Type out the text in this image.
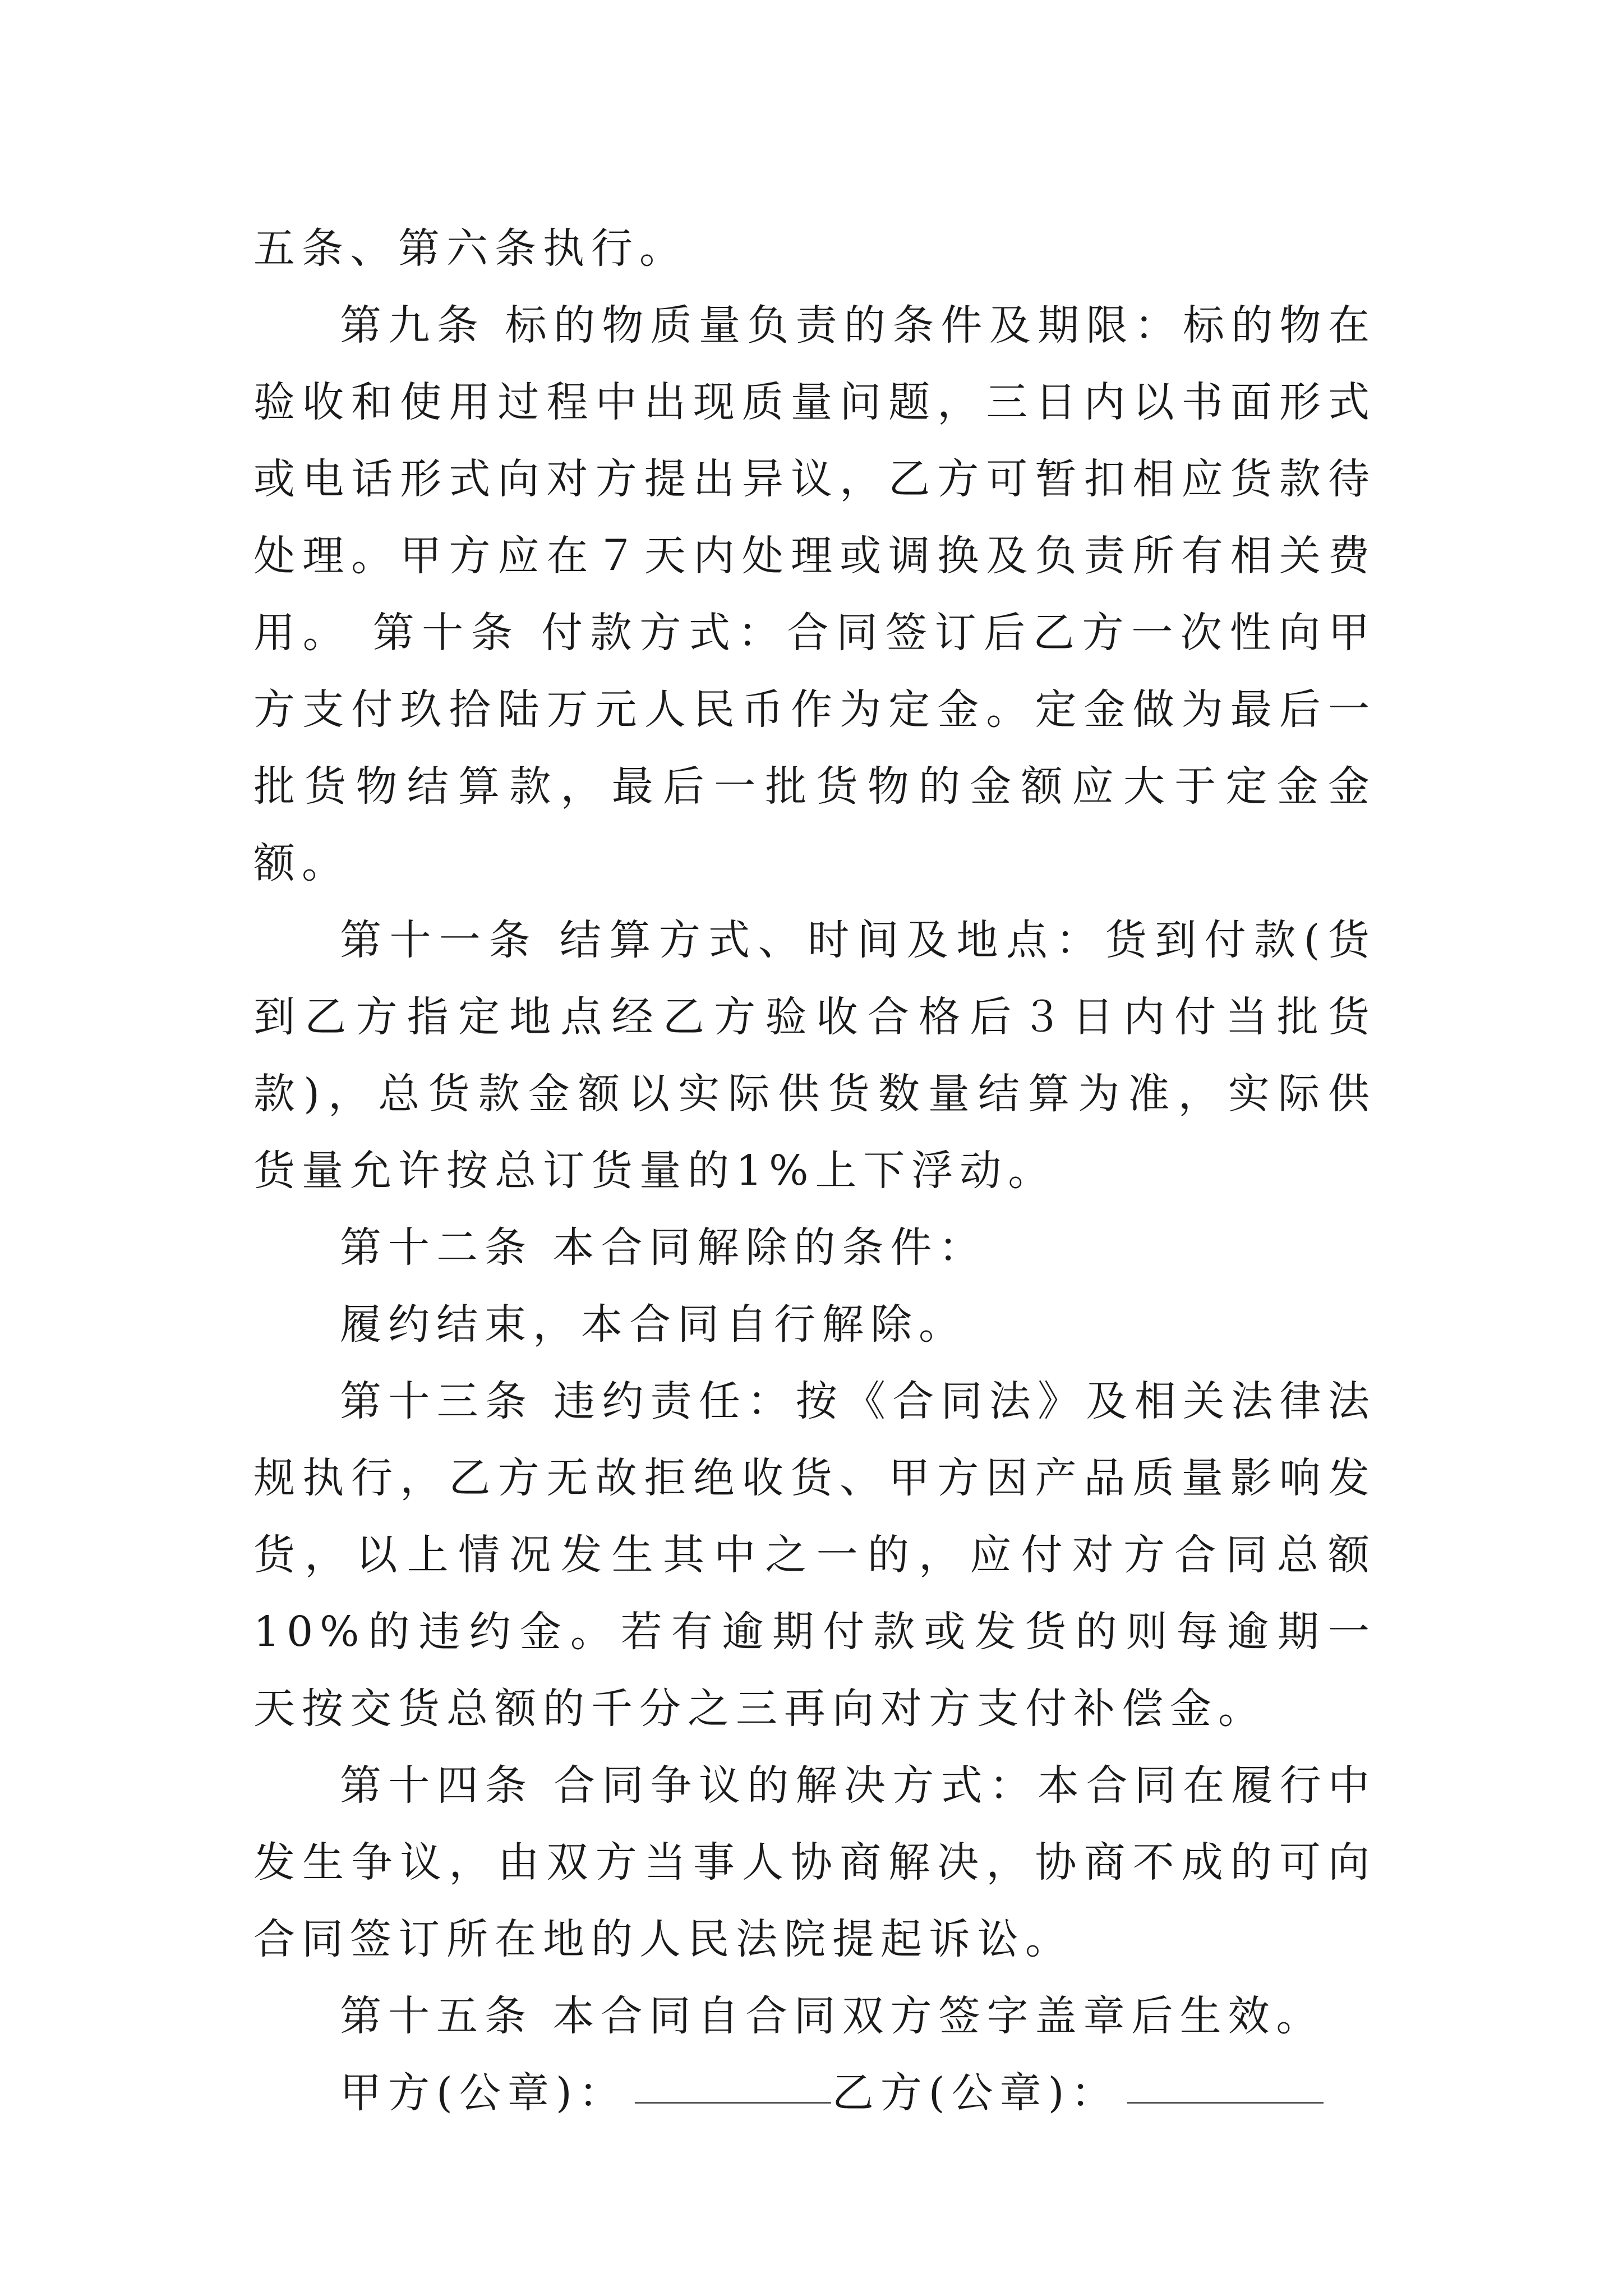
五条、第六条执行。

第九条 标的物质量负责的条件及期限：标的物在验收和使用过程中出现质量问题，三日内以书面形式或电话形式向对方提出异议，乙方可暂扣相应货款待处理。甲方应在７天内处理或调换及负责所有相关费用。 第十条 付款方式：合同签订后乙方一次性向甲方支付玖拾陆万元人民币作为定金。定金做为最后一批货物结算款，最后一批货物的金额应大于定金金额。

第十一条 结算方式、时间及地点：货到付款(货到乙方指定地点经乙方验收合格后３日内付当批货款)，总货款金额以实际供货数量结算为准，实际供货量允许按总订货量的1%上下浮动。

第十二条 本合同解除的条件：

履约结束，本合同自行解除。

第十三条 违约责任：按《合同法》及相关法律法规执行，乙方无故拒绝收货、甲方因产品质量影响发货，以上情况发生其中之一的，应付对方合同总额10%的违约金。若有逾期付款或发货的则每逾期一天按交货总额的千分之三再向对方支付补偿金。

第十四条 合同争议的解决方式：本合同在履行中发生争议，由双方当事人协商解决，协商不成的可向合同签订所在地的人民法院提起诉讼。

第十五条 本合同自合同双方签字盖章后生效。

甲方(公章)：	乙方(公章)：
